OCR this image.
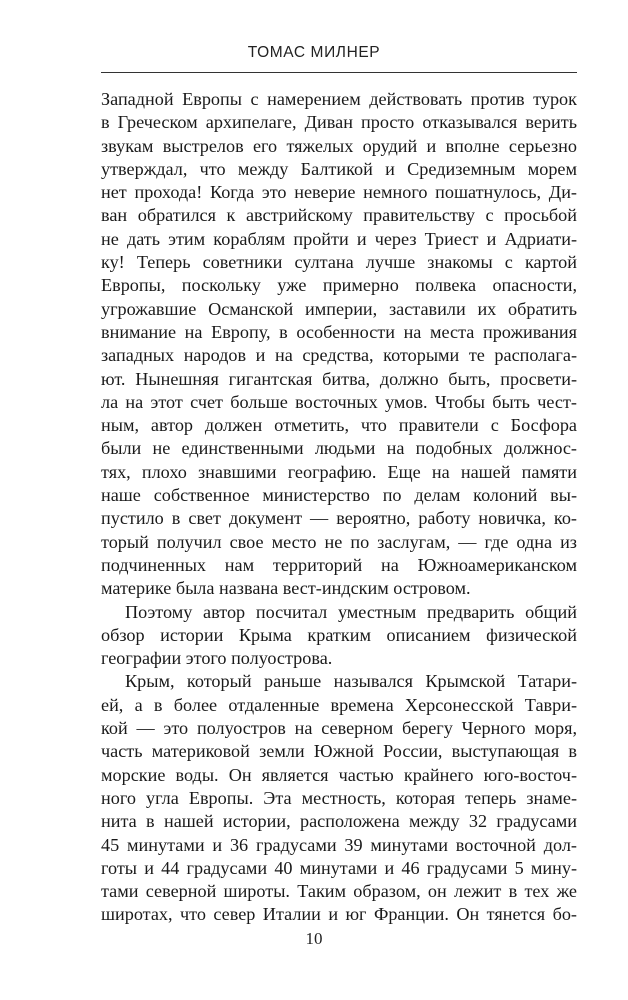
ТОМАС МИЛНЕР
Западной Европы с намерением действовать против турок
в Греческом архипелаге, Диван просто отказывался верить
звукам выстрелов его тяжелых орудий и вполне серьезно
утверждал, что между Балтикой и Средиземным морем
нет прохода! Когда это неверие немного пошатнулось, Ди-
ван обратился к австрийскому правительству с просьбой
не дать этим кораблям пройти и через Триест и Адриати-
ку! Теперь советники султана лучше знакомы с картой
Европы, поскольку уже примерно полвека опасности,
угрожавшие Османской империи, заставили их обратить
внимание на Европу, в особенности на места проживания
западных народов и на средства, которыми те располага-
ют. Нынешняя гигантская битва, должно быть, просвети-
ла на этот счет больше восточных умов. Чтобы быть чест-
ным, автор должен отметить, что правители с Босфора
были не единственными людьми на подобных должнос-
тях, плохо знавшими географию. Еще на нашей памяти
наше собственное министерство по делам колоний вы-
пустило в свет документ — вероятно, работу новичка, ко-
торый получил свое место не по заслугам, — где одна из
подчиненных нам территорий на Южноамериканском
материке была названа вест-индским островом.
Поэтому автор посчитал уместным предварить общий
обзор истории Крыма кратким описанием физической
географии этого полуострова.
Крым, который раньше назывался Крымской Татари-
ей, а в более отдаленные времена Херсонесской Таври-
кой — это полуостров на северном берегу Черного моря,
часть материковой земли Южной России, выступающая в
морские воды. Он является частью крайнего юго-восточ-
ного угла Европы. Эта местность, которая теперь знаме-
нита в нашей истории, расположена между 32 градусами
45 минутами и 36 градусами 39 минутами восточной дол-
готы и 44 градусами 40 минутами и 46 градусами 5 мину-
тами северной широты. Таким образом, он лежит в тех же
широтах, что север Италии и юг Франции. Он тянется бо-
10
